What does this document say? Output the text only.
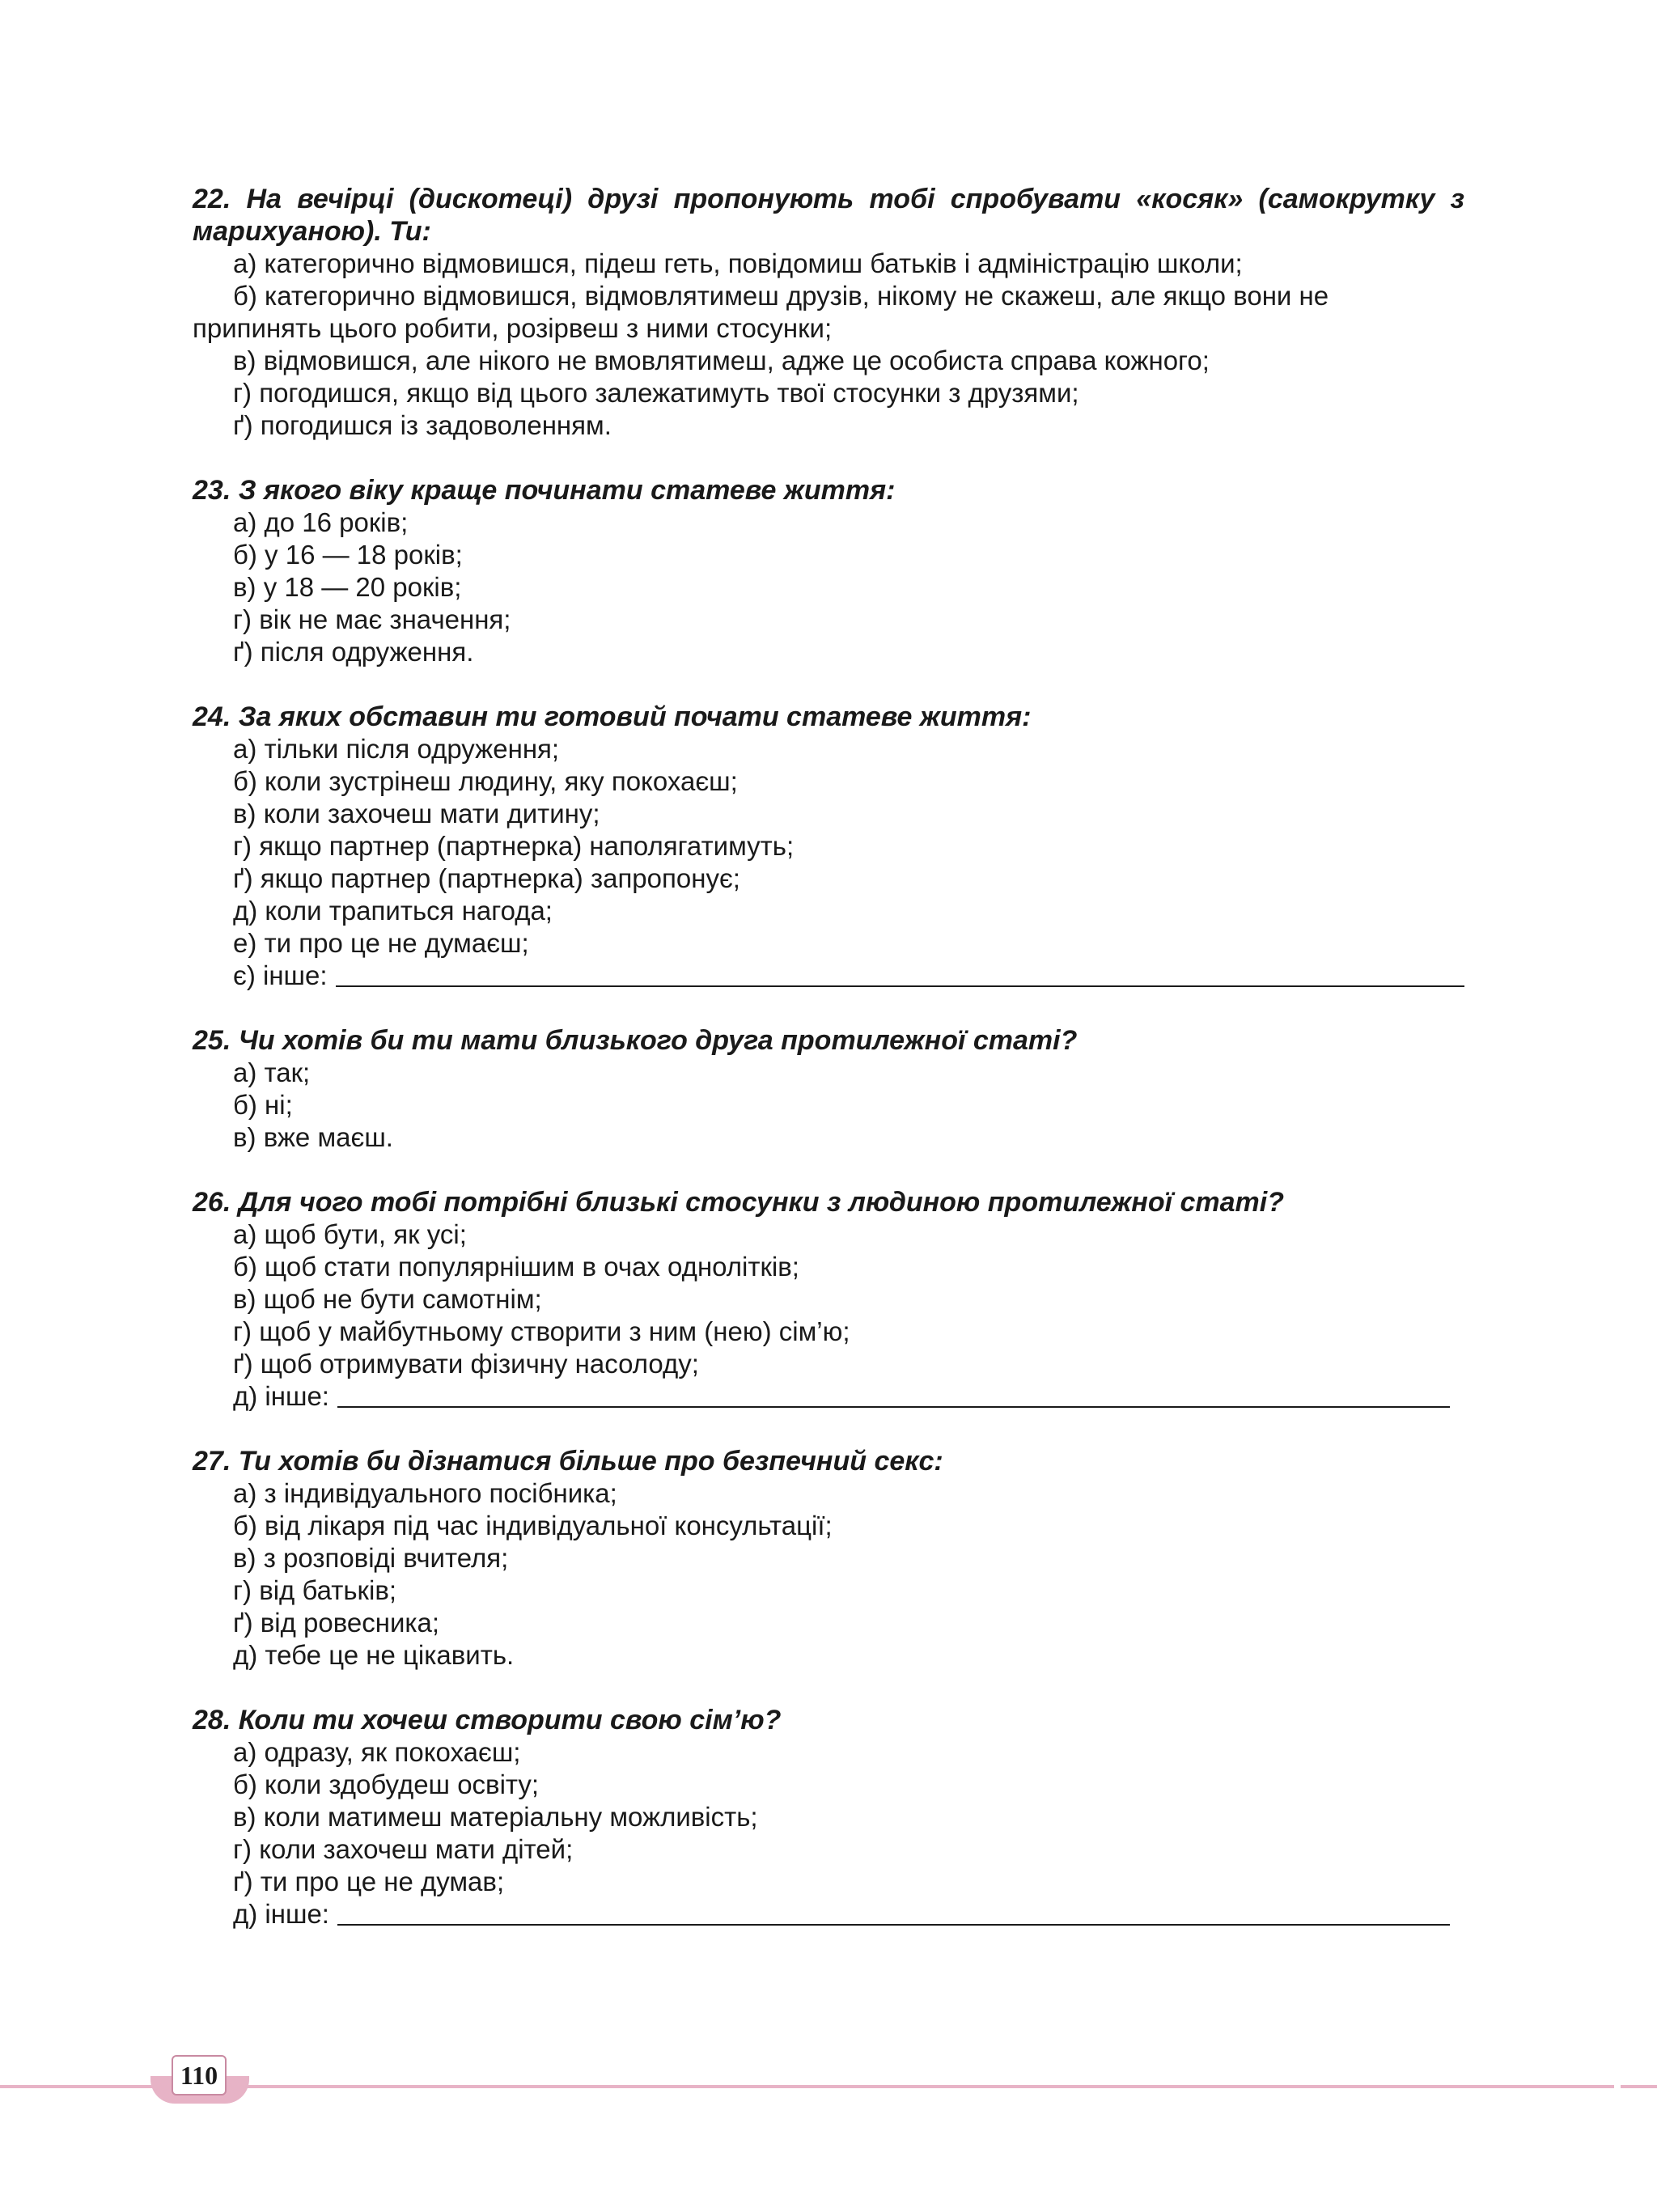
22. На вечірці (дискотеці) друзі пропонують тобі спробувати «косяк» (самокрутку з марихуаною). Ти:

а) категорично відмовишся, підеш геть, повідомиш батьків і адміністрацію школи;
б) категорично відмовишся, відмовлятимеш друзів, нікому не скажеш, але якщо вони не припинять цього робити, розірвеш з ними стосунки;
в) відмовишся, але нікого не вмовлятимеш, адже це особиста справа кожного;
г) погодишся, якщо від цього залежатимуть твої стосунки з друзями;
ґ) погодишся із задоволенням.

23. З якого віку краще починати статеве життя:

а) до 16 років;
б) у 16 — 18 років;
в) у 18 — 20 років;
г) вік не має значення;
ґ) після одруження.

24. За яких обставин ти готовий почати статеве життя:

а) тільки після одруження;
б) коли зустрінеш людину, яку покохаєш;
в) коли захочеш мати дитину;
г) якщо партнер (партнерка) наполягатимуть;
ґ) якщо партнер (партнерка) запропонує;
д) коли трапиться нагода;
е) ти про це не думаєш;
є) інше:

25. Чи хотів би ти мати близького друга протилежної статі?

а) так;
б) ні;
в) вже маєш.

26. Для чого тобі потрібні близькі стосунки з людиною протилежної статі?

а) щоб бути, як усі;
б) щоб стати популярнішим в очах однолітків;
в) щоб не бути самотнім;
г) щоб у майбутньому створити з ним (нею) сім’ю;
ґ) щоб отримувати фізичну насолоду;
д) інше:

27. Ти хотів би дізнатися більше про безпечний секс:

а) з індивідуального посібника;
б) від лікаря під час індивідуальної консультації;
в) з розповіді вчителя;
г) від батьків;
ґ) від ровесника;
д) тебе це не цікавить.

28. Коли ти хочеш створити свою сім’ю?

а) одразу, як покохаєш;
б) коли здобудеш освіту;
в) коли матимеш матеріальну можливість;
г) коли захочеш мати дітей;
ґ) ти про це не думав;
д) інше:
110
